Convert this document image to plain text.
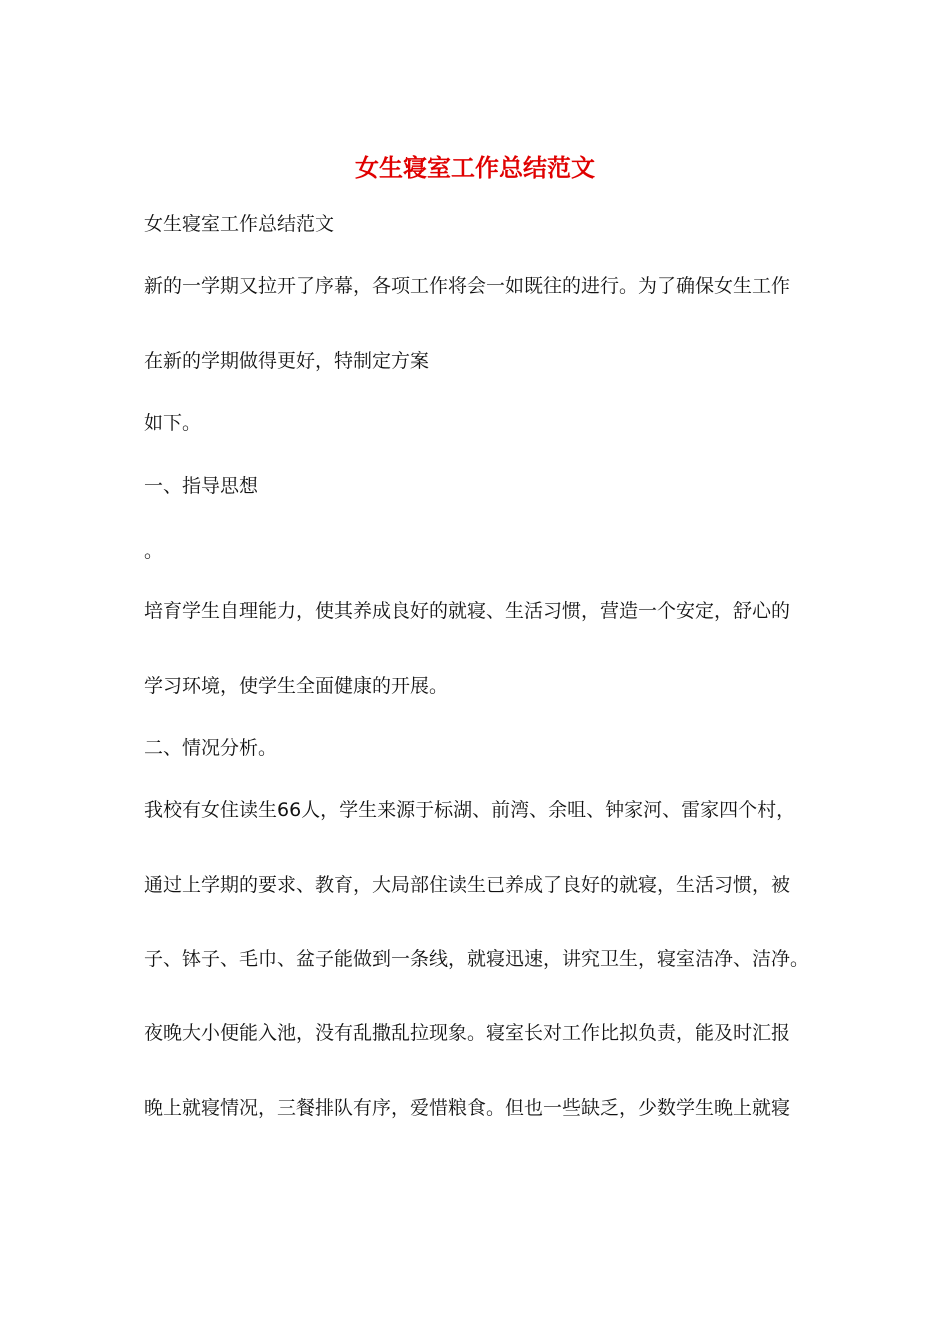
女生寝室工作总结范文

女生寝室工作总结范文

新的一学期又拉开了序幕，各项工作将会一如既往的进行。为了确保女生工作

在新的学期做得更好，特制定方案

如下。

一、指导思想

。

培育学生自理能力，使其养成良好的就寝、生活习惯，营造一个安定，舒心的

学习环境，使学生全面健康的开展。

二、情况分析。

我校有女住读生66人，学生来源于标湖、前湾、余咀、钟家河、雷家四个村，

通过上学期的要求、教育，大局部住读生已养成了良好的就寝，生活习惯，被

子、钵子、毛巾、盆子能做到一条线，就寝迅速，讲究卫生，寝室洁净、洁净。

夜晚大小便能入池，没有乱撒乱拉现象。寝室长对工作比拟负责，能及时汇报

晚上就寝情况，三餐排队有序，爱惜粮食。但也一些缺乏，少数学生晚上就寝
